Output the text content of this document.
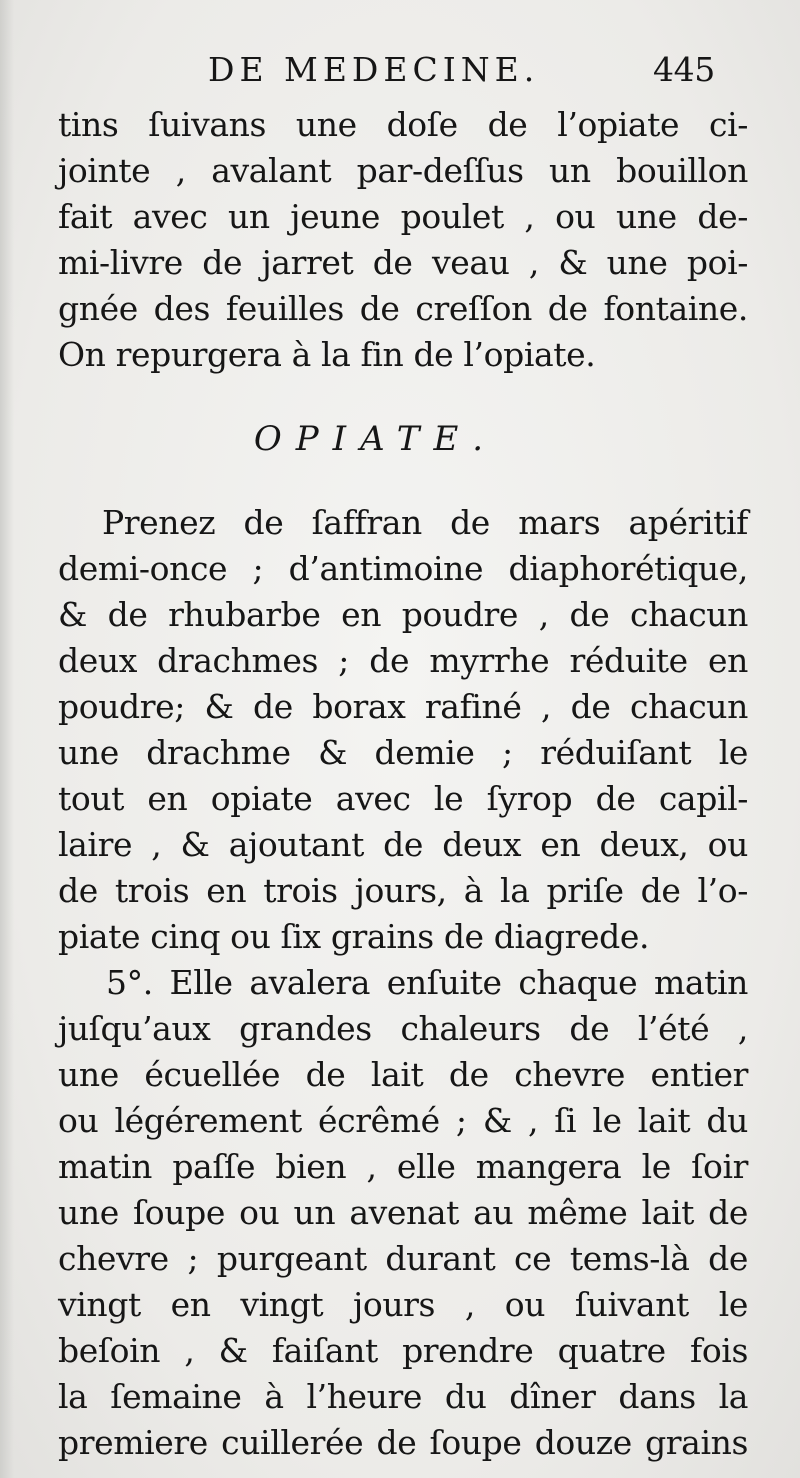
DE MEDECINE.	445
tins ſuivans une doſe de l’opiate ci-
jointe , avalant par-deſſus un bouillon
fait avec un jeune poulet , ou une de-
mi-livre de jarret de veau , & une poi-
gnée des feuilles de creſſon de fontaine.
On repurgera à la fin de l’opiate.
OPIATE.
Prenez de ſaffran de mars apéritif
demi-once ; d’antimoine diaphorétique,
& de rhubarbe en poudre , de chacun
deux drachmes ; de myrrhe réduite en
poudre; & de borax rafiné , de chacun
une drachme & demie ; réduiſant le
tout en opiate avec le ſyrop de capil-
laire , & ajoutant de deux en deux, ou
de trois en trois jours, à la priſe de l’o-
piate cinq ou ſix grains de diagrede.
5°. Elle avalera enſuite chaque matin
juſqu’aux grandes chaleurs de l’été ,
une écuellée de lait de chevre entier
ou légérement écrêmé ; & , ſi le lait du
matin paſſe bien , elle mangera le ſoir
une ſoupe ou un avenat au même lait de
chevre ; purgeant durant ce tems-là de
vingt en vingt jours , ou ſuivant le
beſoin , & faiſant prendre quatre fois
la ſemaine à l’heure du dîner dans la
premiere cuillerée de ſoupe douze grains
